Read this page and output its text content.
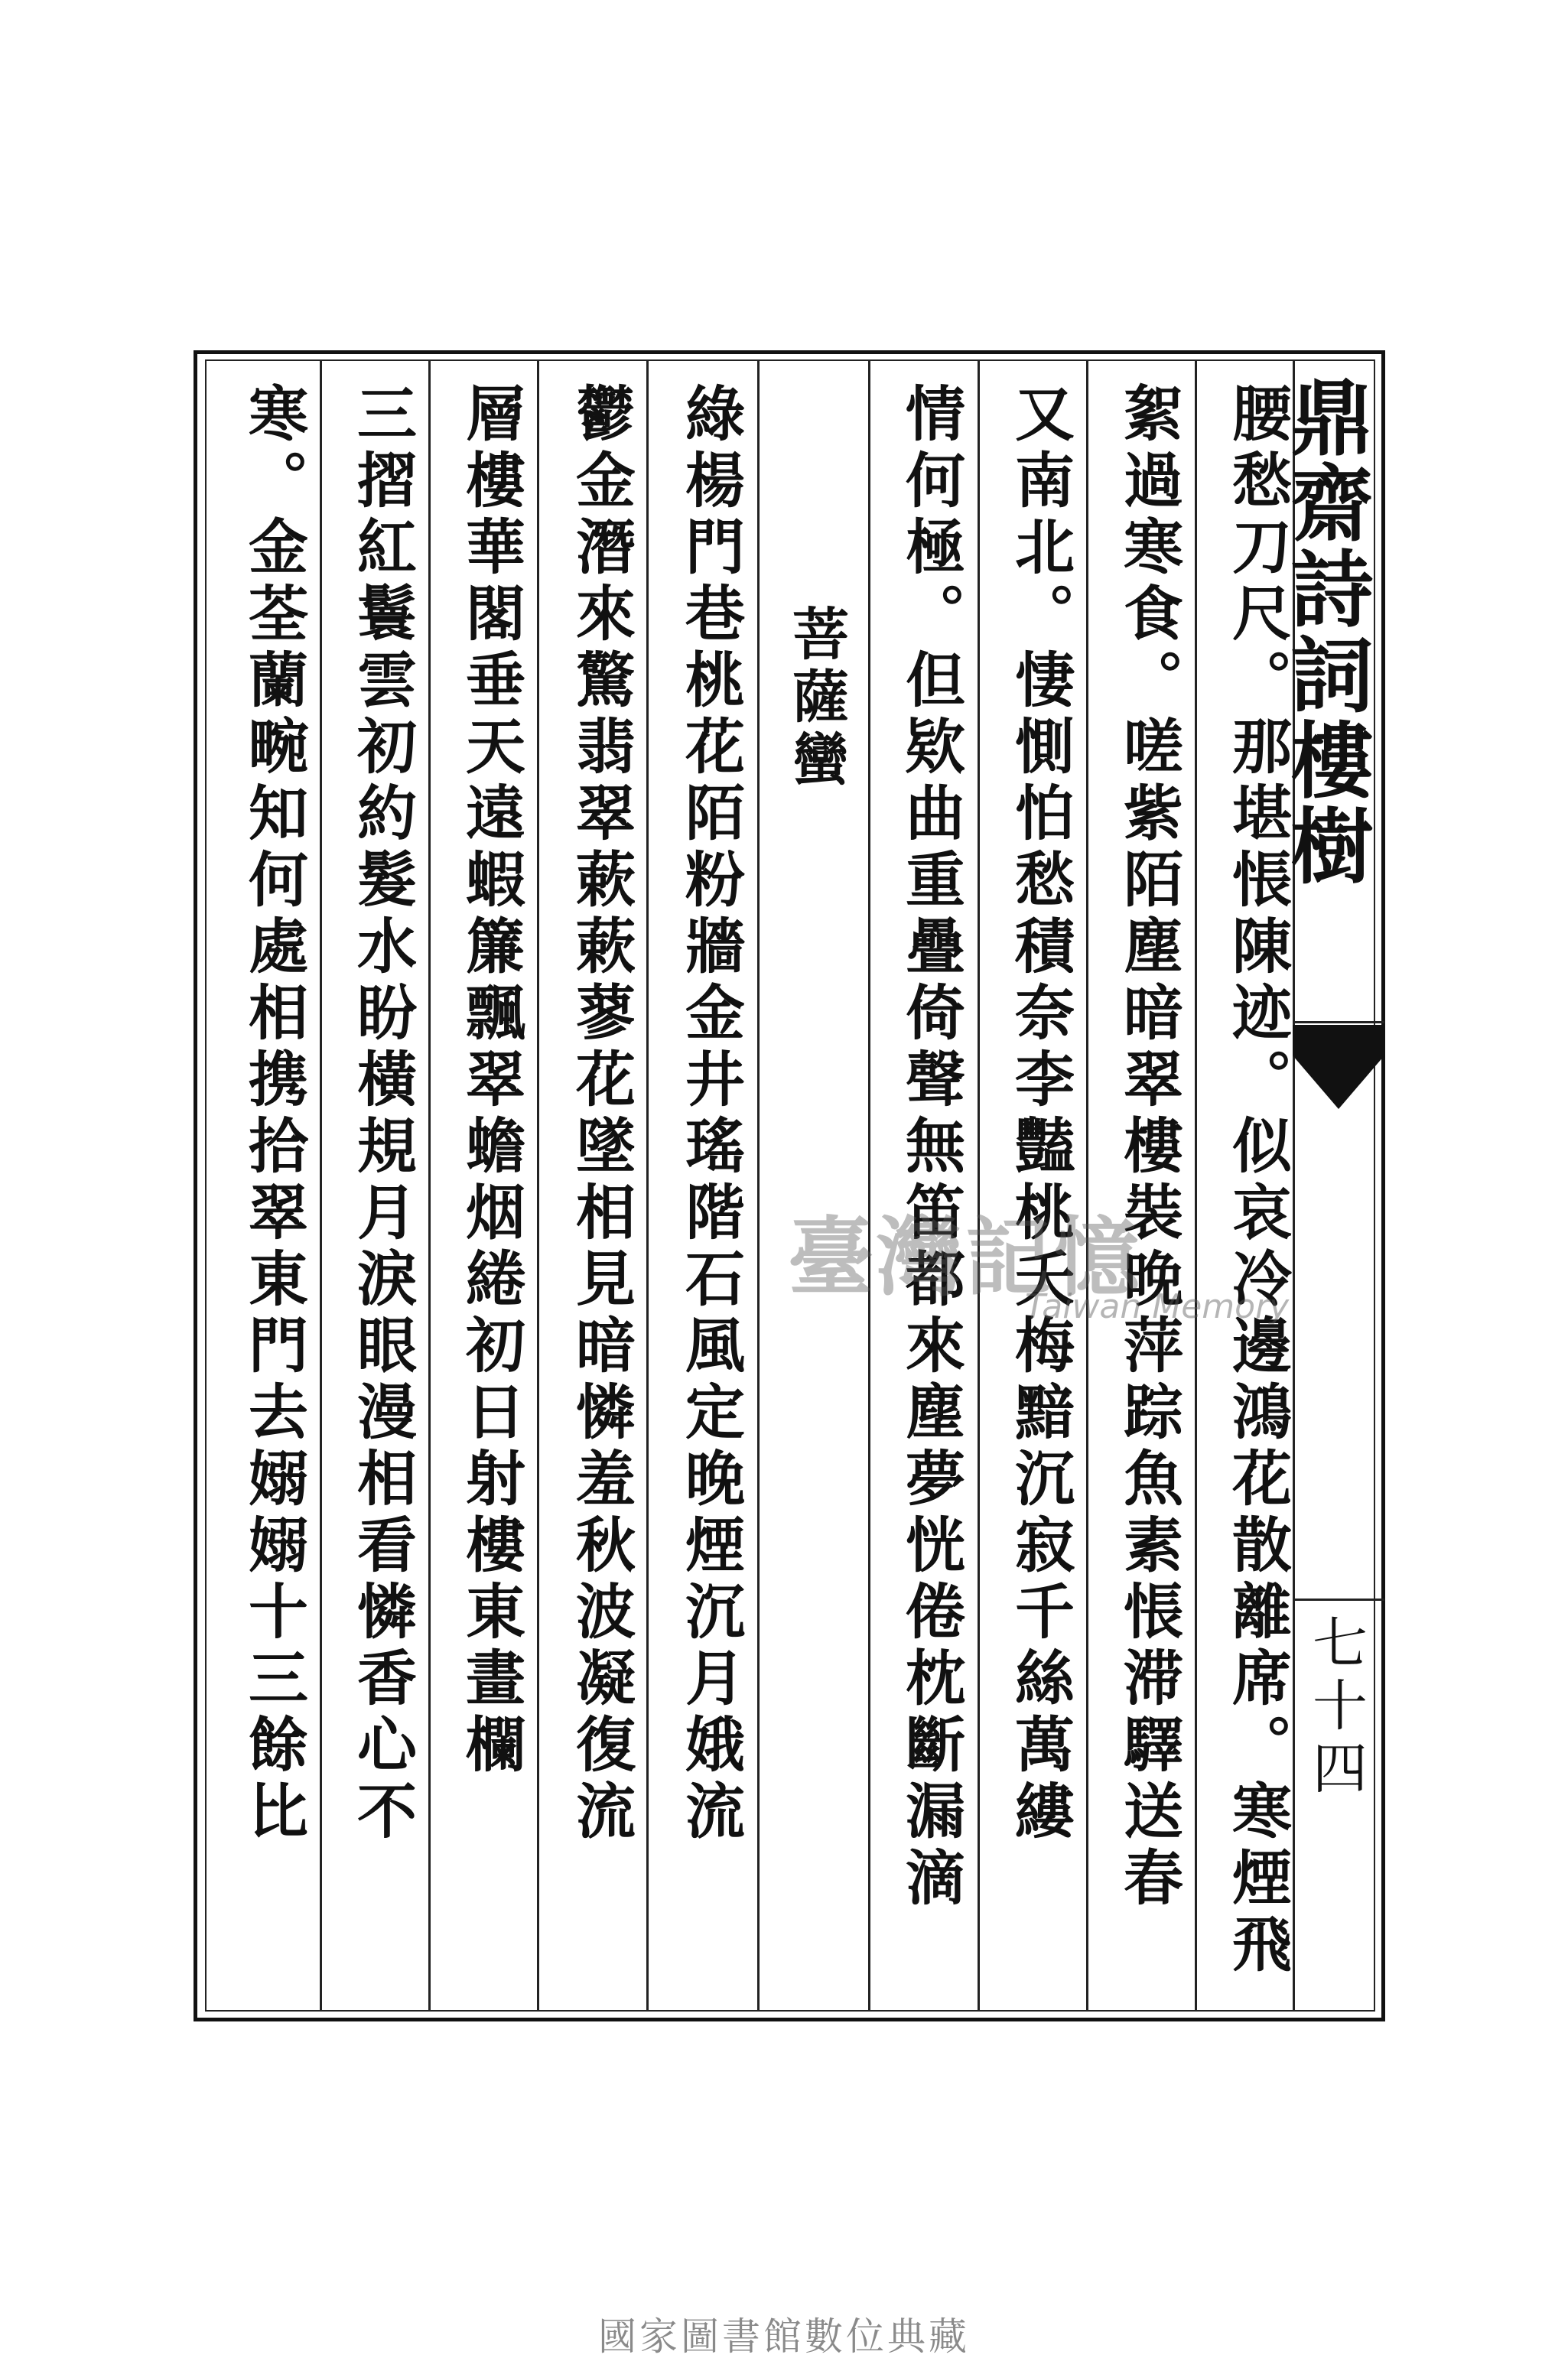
鼎齋詩詞樓樹
七十四
腰愁刀尺。那堪悵陳迹。似哀冷邊鴻花散離席。寒煙飛
絮過寒食。嗟紫陌塵暗翠樓裝晚萍踪魚素悵滞驛送春
又南北。悽惻怕愁積奈李豔桃夭梅黯沉寂千絲萬縷
情何極。但欵曲重疊倚聲無笛都來塵夢恍倦枕斷漏滴
菩薩蠻
綠楊門巷桃花陌粉牆金井瑤階石風定晚煙沉月娥流
鬱金潛來驚翡翠蔌蔌蓼花墜相見暗憐羞秋波凝復流
層樓華閣垂天遠蝦簾飄翠蟾烟綣初日射樓東畫欄
三摺紅鬟雲初約髮水盼橫規月淚眼漫相看憐香心不
寒。金荃蘭畹知何處相携拾翠東門去嫋嫋十三餘比	臺灣記憶
Taiwan Memory
國家圖書館數位典藏
